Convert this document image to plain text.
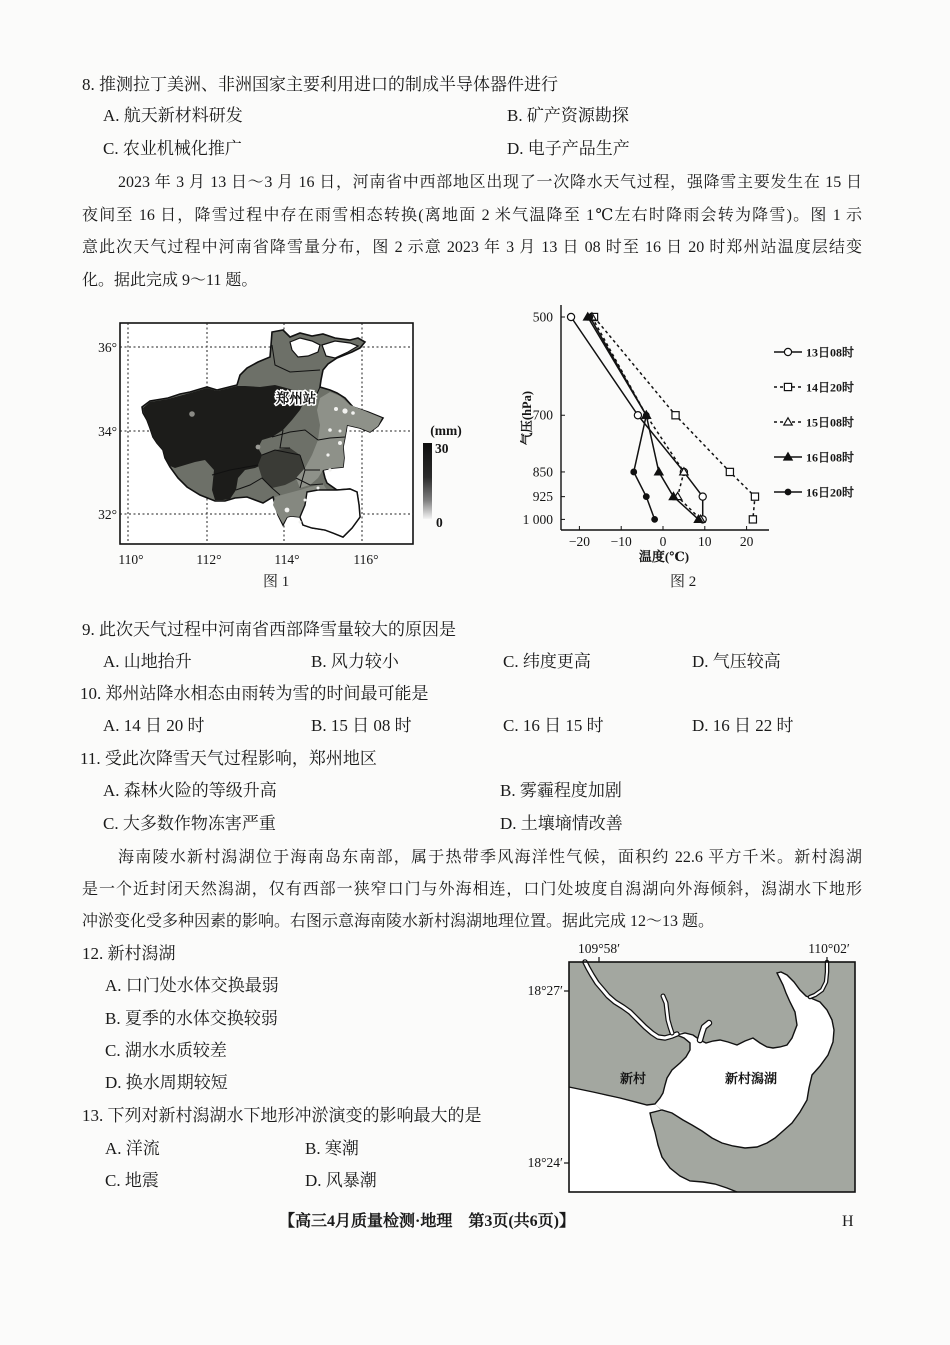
8. 推测拉丁美洲、非洲国家主要利用进口的制成半导体器件进行
A. 航天新材料研发	B. 矿产资源勘探
C. 农业机械化推广	D. 电子产品生产
2023 年 3 月 13 日～3 月 16 日，河南省中西部地区出现了一次降水天气过程，强降雪主要发生在 15 日
夜间至 16 日，降雪过程中存在雨雪相态转换(离地面 2 米气温降至 1℃左右时降雨会转为降雪)。图 1 示
意此次天气过程中河南省降雪量分布，图 2 示意 2023 年 3 月 13 日 08 时至 16 日 20 时郑州站温度层结变
化。据此完成 9～11 题。
郑州站
36°
34°
32°
110°	112°	114°	116°
(mm)
30
0
图 1
−20 −10 0 10 20
500
700
850
925
1 000
13日08时
14日20时
15日08时
16日08时
16日20时
温度(℃)
气压(hPa)
图 2
9. 此次天气过程中河南省西部降雪量较大的原因是
A. 山地抬升	B. 风力较小	C. 纬度更高	D. 气压较高
10. 郑州站降水相态由雨转为雪的时间最可能是
A. 14 日 20 时	B. 15 日 08 时	C. 16 日 15 时	D. 16 日 22 时
11. 受此次降雪天气过程影响，郑州地区
A. 森林火险的等级升高	B. 雾霾程度加剧
C. 大多数作物冻害严重	D. 土壤墒情改善
海南陵水新村潟湖位于海南岛东南部，属于热带季风海洋性气候，面积约 22.6 平方千米。新村潟湖
是一个近封闭天然潟湖，仅有西部一狭窄口门与外海相连，口门处坡度自潟湖向外海倾斜，潟湖水下地形
冲淤变化受多种因素的影响。右图示意海南陵水新村潟湖地理位置。据此完成 12～13 题。
12. 新村潟湖
A. 口门处水体交换最弱
B. 夏季的水体交换较弱
C. 湖水水质较差
D. 换水周期较短
13. 下列对新村潟湖水下地形冲淤演变的影响最大的是
A. 洋流	B. 寒潮
C. 地震	D. 风暴潮
109°58′	110°02′
18°27′
18°24′
新村	新村潟湖
【高三4月质量检测·地理　第3页(共6页)】	H
